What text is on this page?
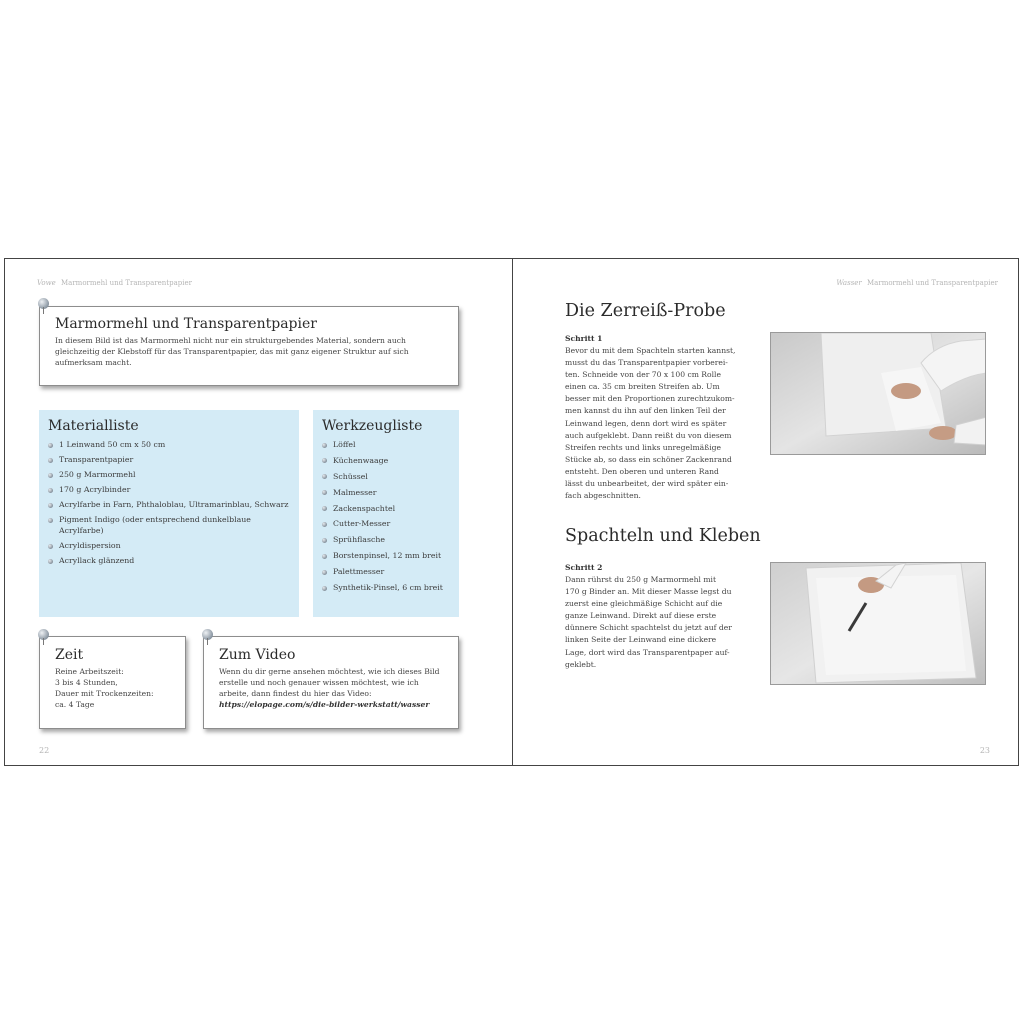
Vowe Marmormehl und Transparentpapier
Marmormehl und Transparentpapier

In diesem Bild ist das Marmormehl nicht nur ein strukturgebendes Material, sondern auch gleichzeitig der Klebstoff für das Transparentpapier, das mit ganz eigener Struktur auf sich aufmerksam macht.

Materialliste
1 Leinwand 50 cm x 50 cm
Transparentpapier
250 g Marmormehl
170 g Acrylbinder
Acrylfarbe in Farn, Phthaloblau, Ultramarinblau, Schwarz
Pigment Indigo (oder entsprechend dunkelblaue Acrylfarbe)
Acryldispersion
Acryllack glänzend
Werkzeugliste
Löffel
Küchenwaage
Schüssel
Malmesser
Zackenspachtel
Cutter-Messer
Sprühflasche
Borstenpinsel, 12 mm breit
Palettmesser
Synthetik-Pinsel, 6 cm breit
Zeit
Reine Arbeitszeit:
3 bis 4 Stunden,
Dauer mit Trockenzeiten:
ca. 4 Tage
Zum Video

Wenn du dir gerne ansehen möchtest, wie ich dieses Bild erstelle und noch genauer wissen möchtest, wie ich arbeite, dann findest du hier das Video: https://elopage.com/s/die-bilder-werkstatt/wasser

22
Wasser Marmormehl und Transparentpapier
Die Zerreiß-Probe
Schritt 1
Bevor du mit dem Spachteln starten kannst,
musst du das Transparentpapier vorberei-
ten. Schneide von der 70 x 100 cm Rolle
einen ca. 35 cm breiten Streifen ab. Um
besser mit den Proportionen zurechtzukom-
men kannst du ihn auf den linken Teil der
Leinwand legen, denn dort wird es später
auch aufgeklebt. Dann reißt du von diesem
Streifen rechts und links unregelmäßige
Stücke ab, so dass ein schöner Zackenrand
entsteht. Den oberen und unteren Rand
lässt du unbearbeitet, der wird später ein-
fach abgeschnitten.
Spachteln und Kleben
Schritt 2
Dann rührst du 250 g Marmormehl mit
170 g Binder an. Mit dieser Masse legst du
zuerst eine gleichmäßige Schicht auf die
ganze Leinwand. Direkt auf diese erste
dünnere Schicht spachtelst du jetzt auf der
linken Seite der Leinwand eine dickere
Lage, dort wird das Transparentpaper auf-
geklebt.
23
